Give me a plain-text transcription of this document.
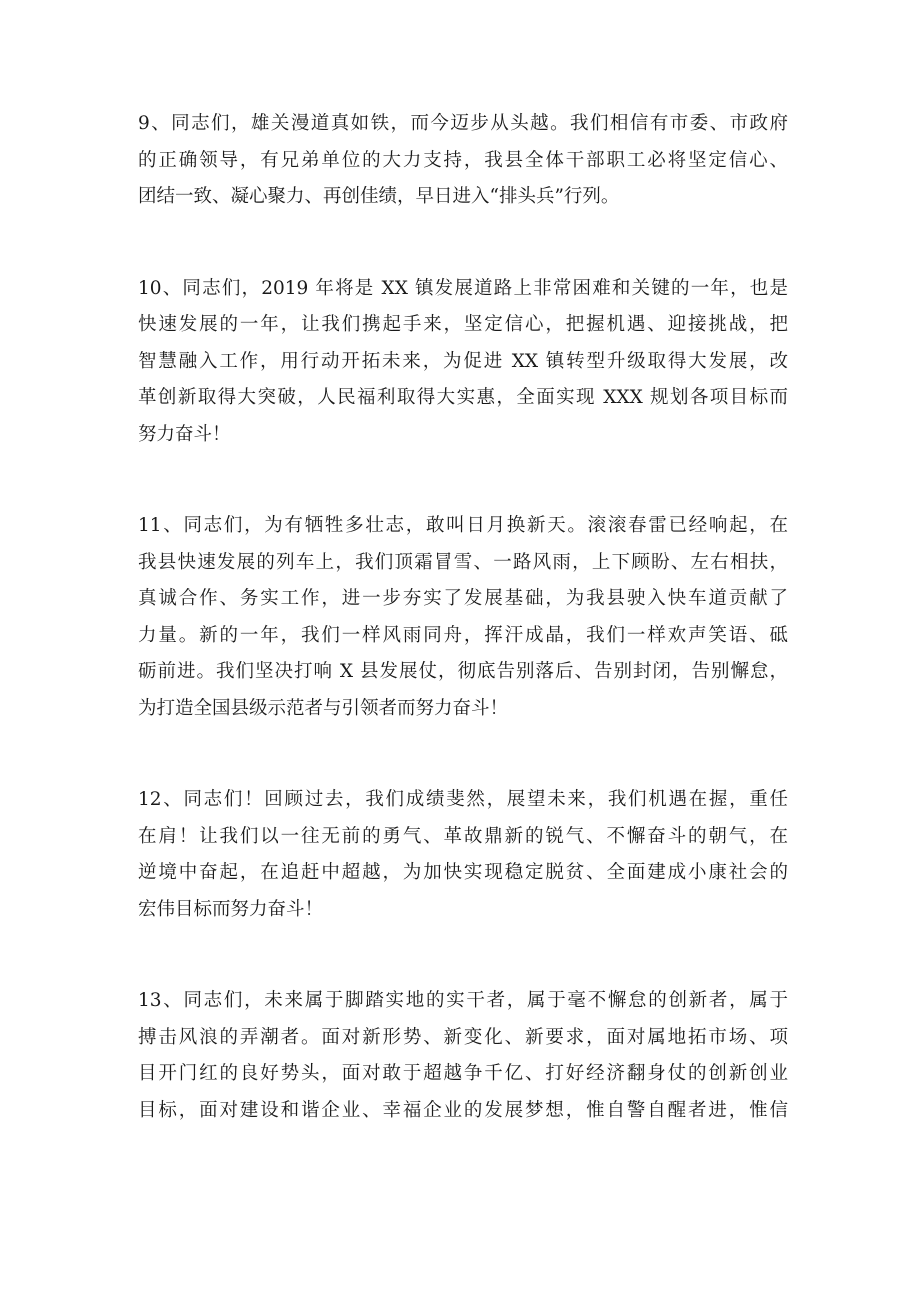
9、同志们，雄关漫道真如铁，而今迈步从头越。我们相信有市委、市政府
的正确领导，有兄弟单位的大力支持，我县全体干部职工必将坚定信心、
团结一致、凝心聚力、再创佳绩，早日进入“排头兵”行列。
10、同志们，2019 年将是 XX 镇发展道路上非常困难和关键的一年，也是
快速发展的一年，让我们携起手来，坚定信心，把握机遇、迎接挑战，把
智慧融入工作，用行动开拓未来，为促进 XX 镇转型升级取得大发展，改
革创新取得大突破，人民福利取得大实惠，全面实现 XXX 规划各项目标而
努力奋斗！
11、同志们，为有牺牲多壮志，敢叫日月换新天。滚滚春雷已经响起，在
我县快速发展的列车上，我们顶霜冒雪、一路风雨，上下顾盼、左右相扶，
真诚合作、务实工作，进一步夯实了发展基础，为我县驶入快车道贡献了
力量。新的一年，我们一样风雨同舟，挥汗成晶，我们一样欢声笑语、砥
砺前进。我们坚决打响 X 县发展仗，彻底告别落后、告别封闭，告别懈怠，
为打造全国县级示范者与引领者而努力奋斗！
12、同志们！回顾过去，我们成绩斐然，展望未来，我们机遇在握，重任
在肩！让我们以一往无前的勇气、革故鼎新的锐气、不懈奋斗的朝气，在
逆境中奋起，在追赶中超越，为加快实现稳定脱贫、全面建成小康社会的
宏伟目标而努力奋斗！
13、同志们，未来属于脚踏实地的实干者，属于毫不懈怠的创新者，属于
搏击风浪的弄潮者。面对新形势、新变化、新要求，面对属地拓市场、项
目开门红的良好势头，面对敢于超越争千亿、打好经济翻身仗的创新创业
目标，面对建设和谐企业、幸福企业的发展梦想，惟自警自醒者进，惟信
